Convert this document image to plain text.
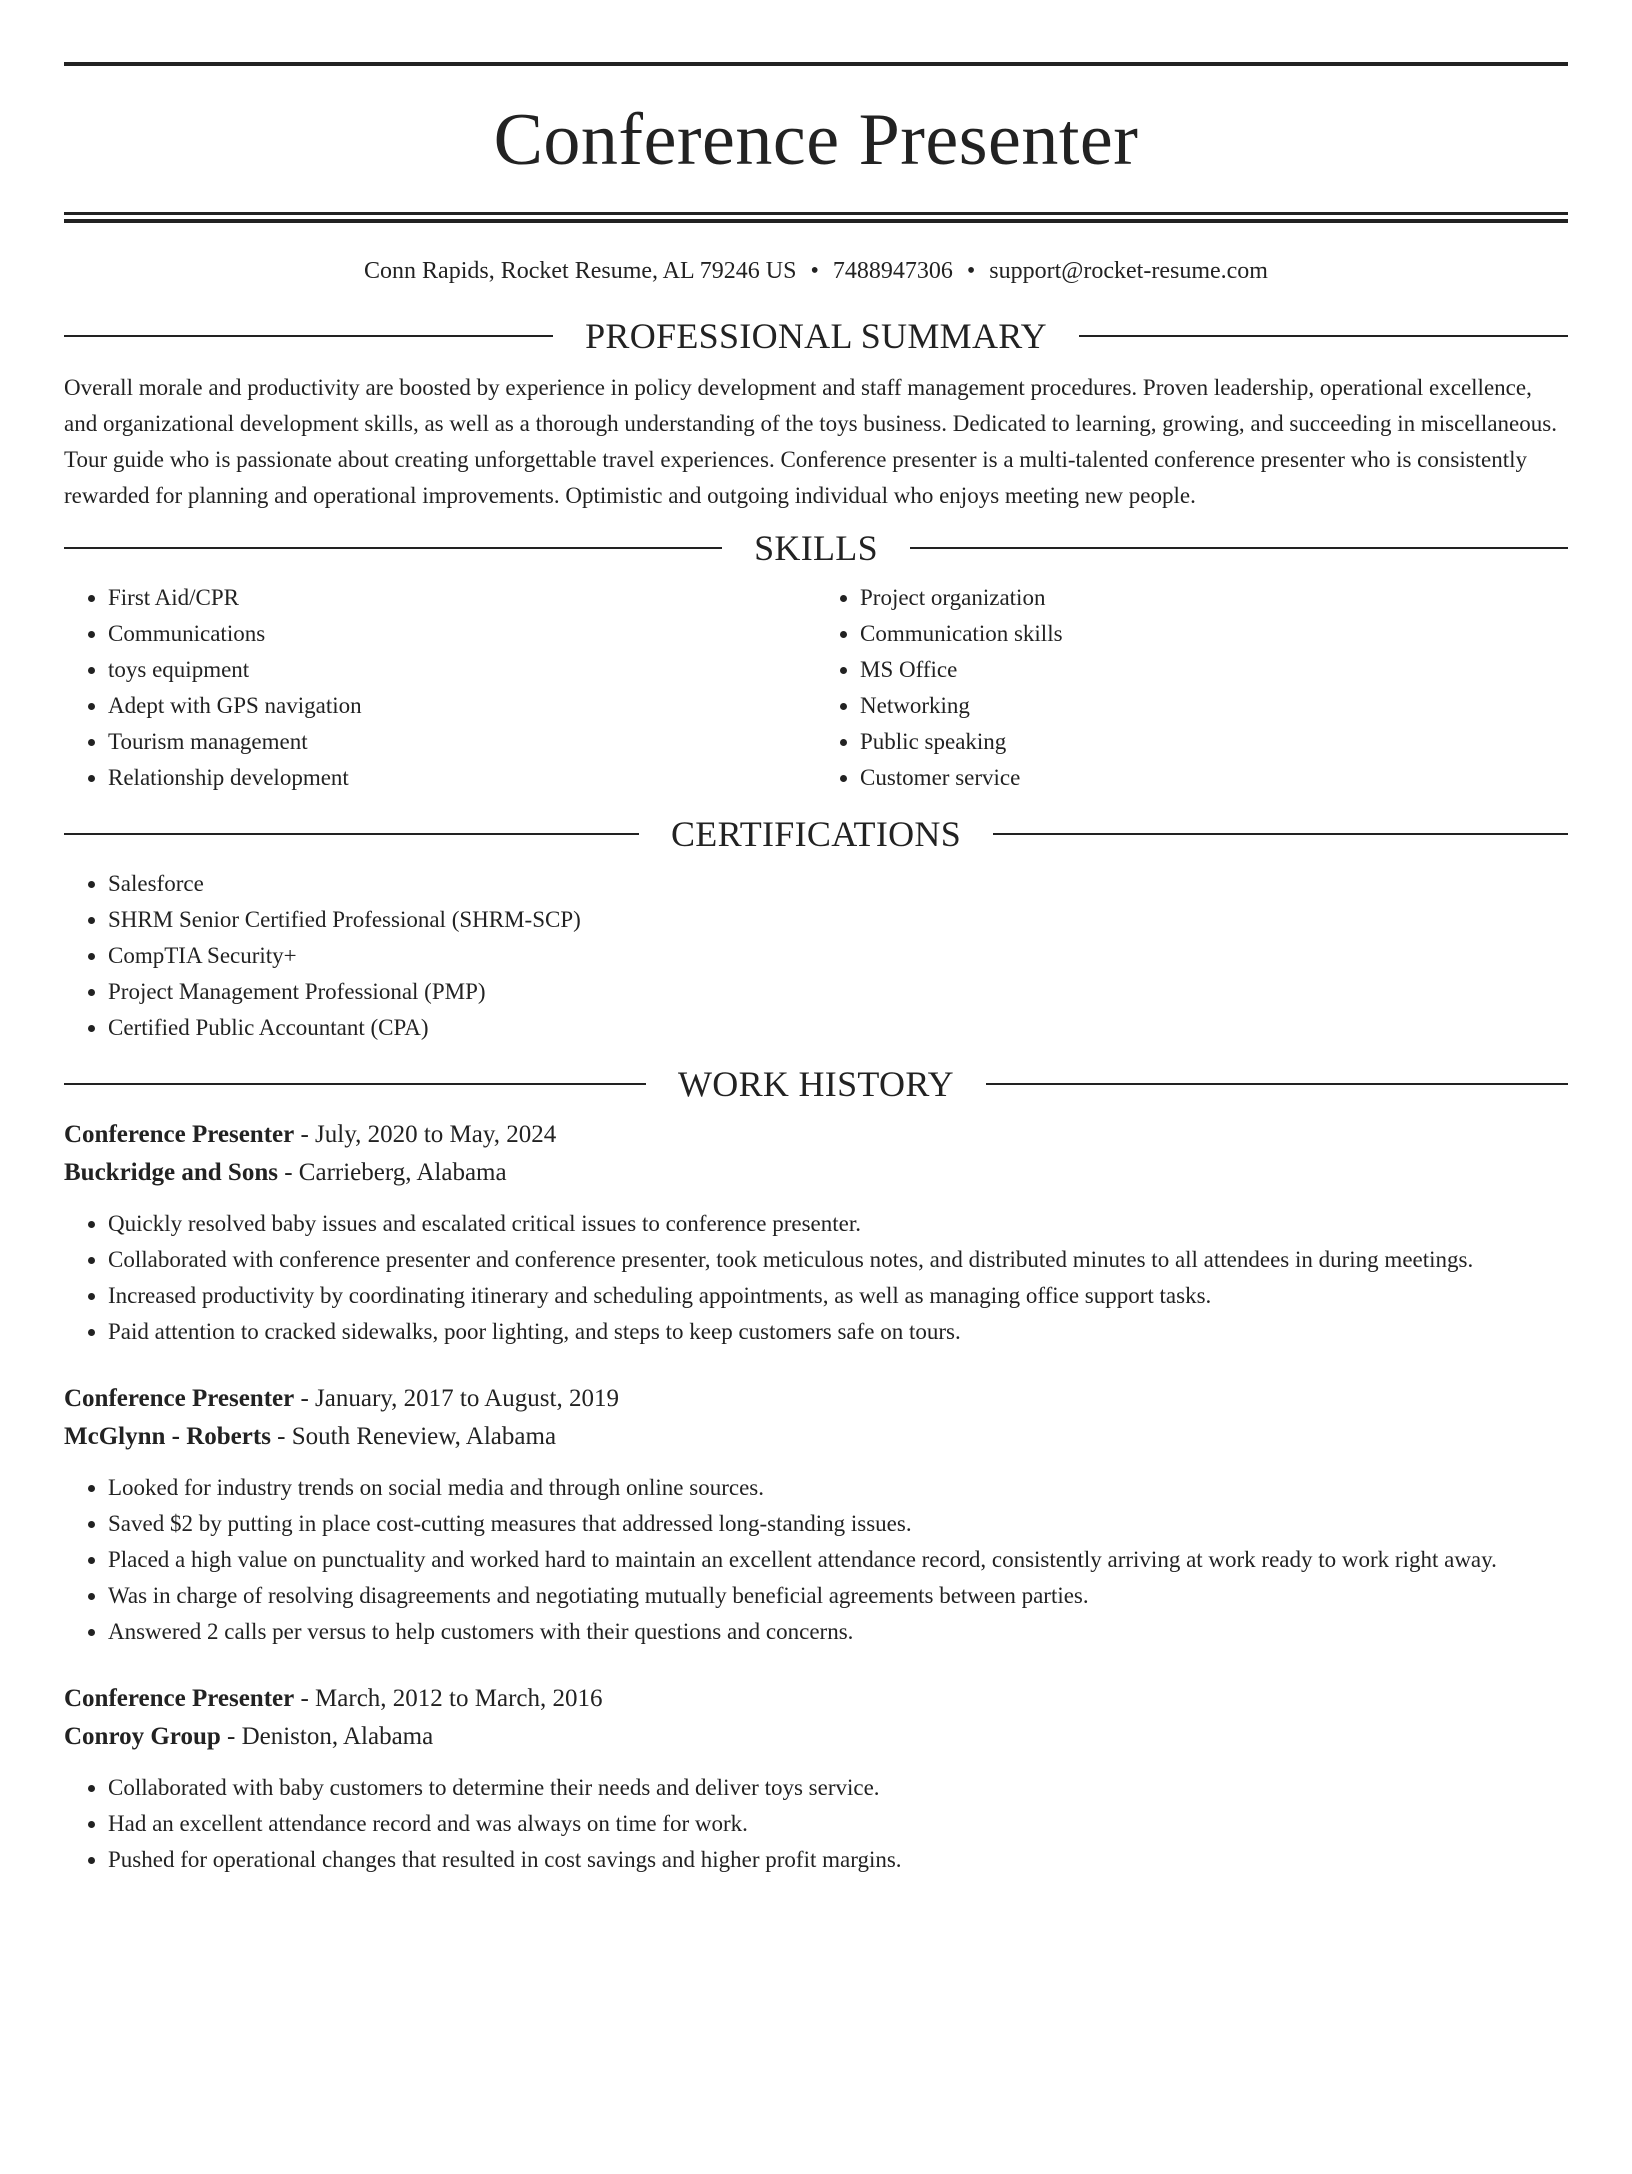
Conference Presenter
Conn Rapids, Rocket Resume, AL 79246 US • 7488947306 • support@rocket-resume.com
PROFESSIONAL SUMMARY

Overall morale and productivity are boosted by experience in policy development and staff management procedures. Proven leadership, operational excellence, and organizational development skills, as well as a thorough understanding of the toys business. Dedicated to learning, growing, and succeeding in miscellaneous. Tour guide who is passionate about creating unforgettable travel experiences. Conference presenter is a multi-talented conference presenter who is consistently rewarded for planning and operational improvements. Optimistic and outgoing individual who enjoys meeting new people.

SKILLS
• First Aid/CPR
• Communications
• toys equipment
• Adept with GPS navigation
• Tourism management
• Relationship development
• Project organization
• Communication skills
• MS Office
• Networking
• Public speaking
• Customer service
CERTIFICATIONS
• Salesforce
• SHRM Senior Certified Professional (SHRM-SCP)
• CompTIA Security+
• Project Management Professional (PMP)
• Certified Public Accountant (CPA)
WORK HISTORY
Conference Presenter - July, 2020 to May, 2024
Buckridge and Sons - Carrieberg, Alabama
• Quickly resolved baby issues and escalated critical issues to conference presenter.
• Collaborated with conference presenter and conference presenter, took meticulous notes, and distributed minutes to all attendees in during meetings.
• Increased productivity by coordinating itinerary and scheduling appointments, as well as managing office support tasks.
• Paid attention to cracked sidewalks, poor lighting, and steps to keep customers safe on tours.
Conference Presenter - January, 2017 to August, 2019
McGlynn - Roberts - South Reneview, Alabama
• Looked for industry trends on social media and through online sources.
• Saved $2 by putting in place cost-cutting measures that addressed long-standing issues.
• Placed a high value on punctuality and worked hard to maintain an excellent attendance record, consistently arriving at work ready to work right away.
• Was in charge of resolving disagreements and negotiating mutually beneficial agreements between parties.
• Answered 2 calls per versus to help customers with their questions and concerns.
Conference Presenter - March, 2012 to March, 2016
Conroy Group - Deniston, Alabama
• Collaborated with baby customers to determine their needs and deliver toys service.
• Had an excellent attendance record and was always on time for work.
• Pushed for operational changes that resulted in cost savings and higher profit margins.
